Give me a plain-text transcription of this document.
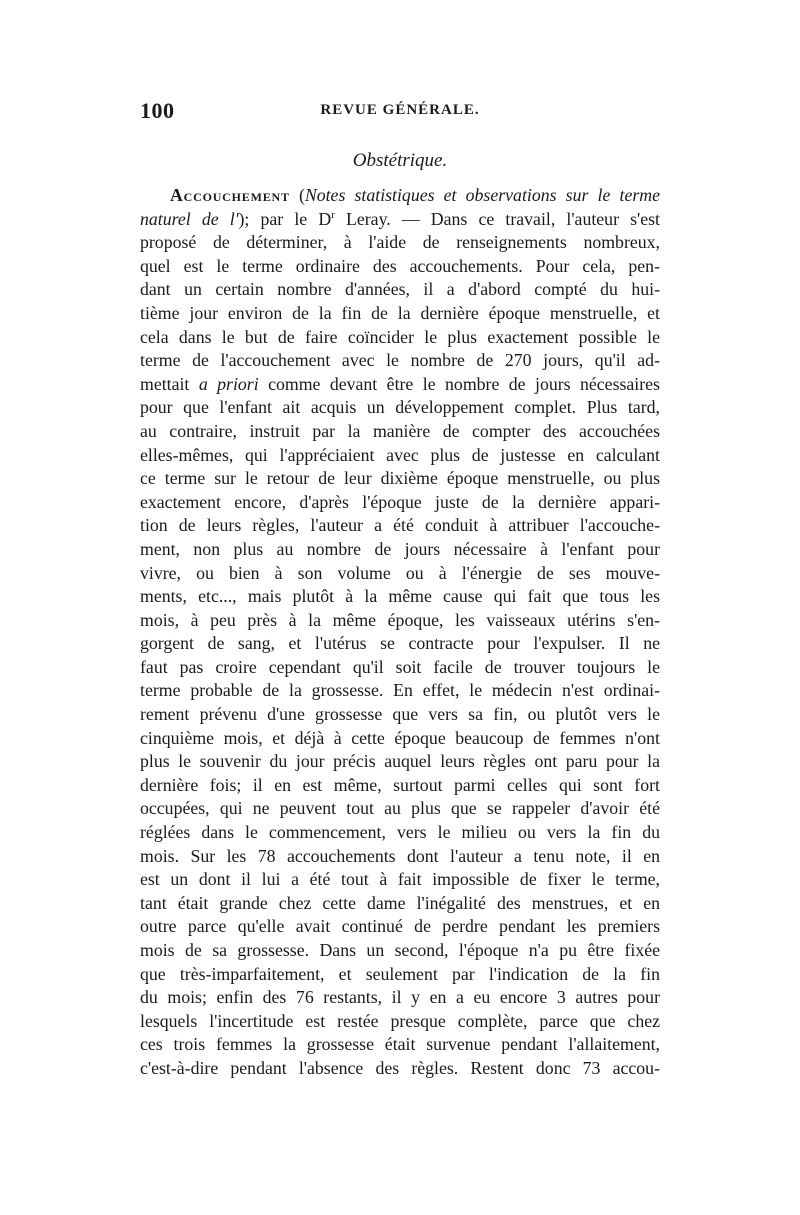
100	REVUE GÉNÉRALE.
Obstétrique.
Accouchement (Notes statistiques et observations sur le terme
naturel de l'); par le $D^r$ Leray. — Dans ce travail, l'auteur s'est
proposé de déterminer, à l'aide de renseignements nombreux,
quel est le terme ordinaire des accouchements. Pour cela, pen-
dant un certain nombre d'années, il a d'abord compté du hui-
tième jour environ de la fin de la dernière époque menstruelle, et
cela dans le but de faire coïncider le plus exactement possible le
terme de l'accouchement avec le nombre de 270 jours, qu'il ad-
mettait a priori comme devant être le nombre de jours nécessaires
pour que l'enfant ait acquis un développement complet. Plus tard,
au contraire, instruit par la manière de compter des accouchées
elles-mêmes, qui l'appréciaient avec plus de justesse en calculant
ce terme sur le retour de leur dixième époque menstruelle, ou plus
exactement encore, d'après l'époque juste de la dernière appari-
tion de leurs règles, l'auteur a été conduit à attribuer l'accouche-
ment, non plus au nombre de jours nécessaire à l'enfant pour
vivre, ou bien à son volume ou à l'énergie de ses mouve-
ments, etc..., mais plutôt à la même cause qui fait que tous les
mois, à peu près à la même époque, les vaisseaux utérins s'en-
gorgent de sang, et l'utérus se contracte pour l'expulser. Il ne
faut pas croire cependant qu'il soit facile de trouver toujours le
terme probable de la grossesse. En effet, le médecin n'est ordinai-
rement prévenu d'une grossesse que vers sa fin, ou plutôt vers le
cinquième mois, et déjà à cette époque beaucoup de femmes n'ont
plus le souvenir du jour précis auquel leurs règles ont paru pour la
dernière fois; il en est même, surtout parmi celles qui sont fort
occupées, qui ne peuvent tout au plus que se rappeler d'avoir été
réglées dans le commencement, vers le milieu ou vers la fin du
mois. Sur les 78 accouchements dont l'auteur a tenu note, il en
est un dont il lui a été tout à fait impossible de fixer le terme,
tant était grande chez cette dame l'inégalité des menstrues, et en
outre parce qu'elle avait continué de perdre pendant les premiers
mois de sa grossesse. Dans un second, l'époque n'a pu être fixée
que très-imparfaitement, et seulement par l'indication de la fin
du mois; enfin des 76 restants, il y en a eu encore 3 autres pour
lesquels l'incertitude est restée presque complète, parce que chez
ces trois femmes la grossesse était survenue pendant l'allaitement,
c'est-à-dire pendant l'absence des règles. Restent donc 73 accou-
